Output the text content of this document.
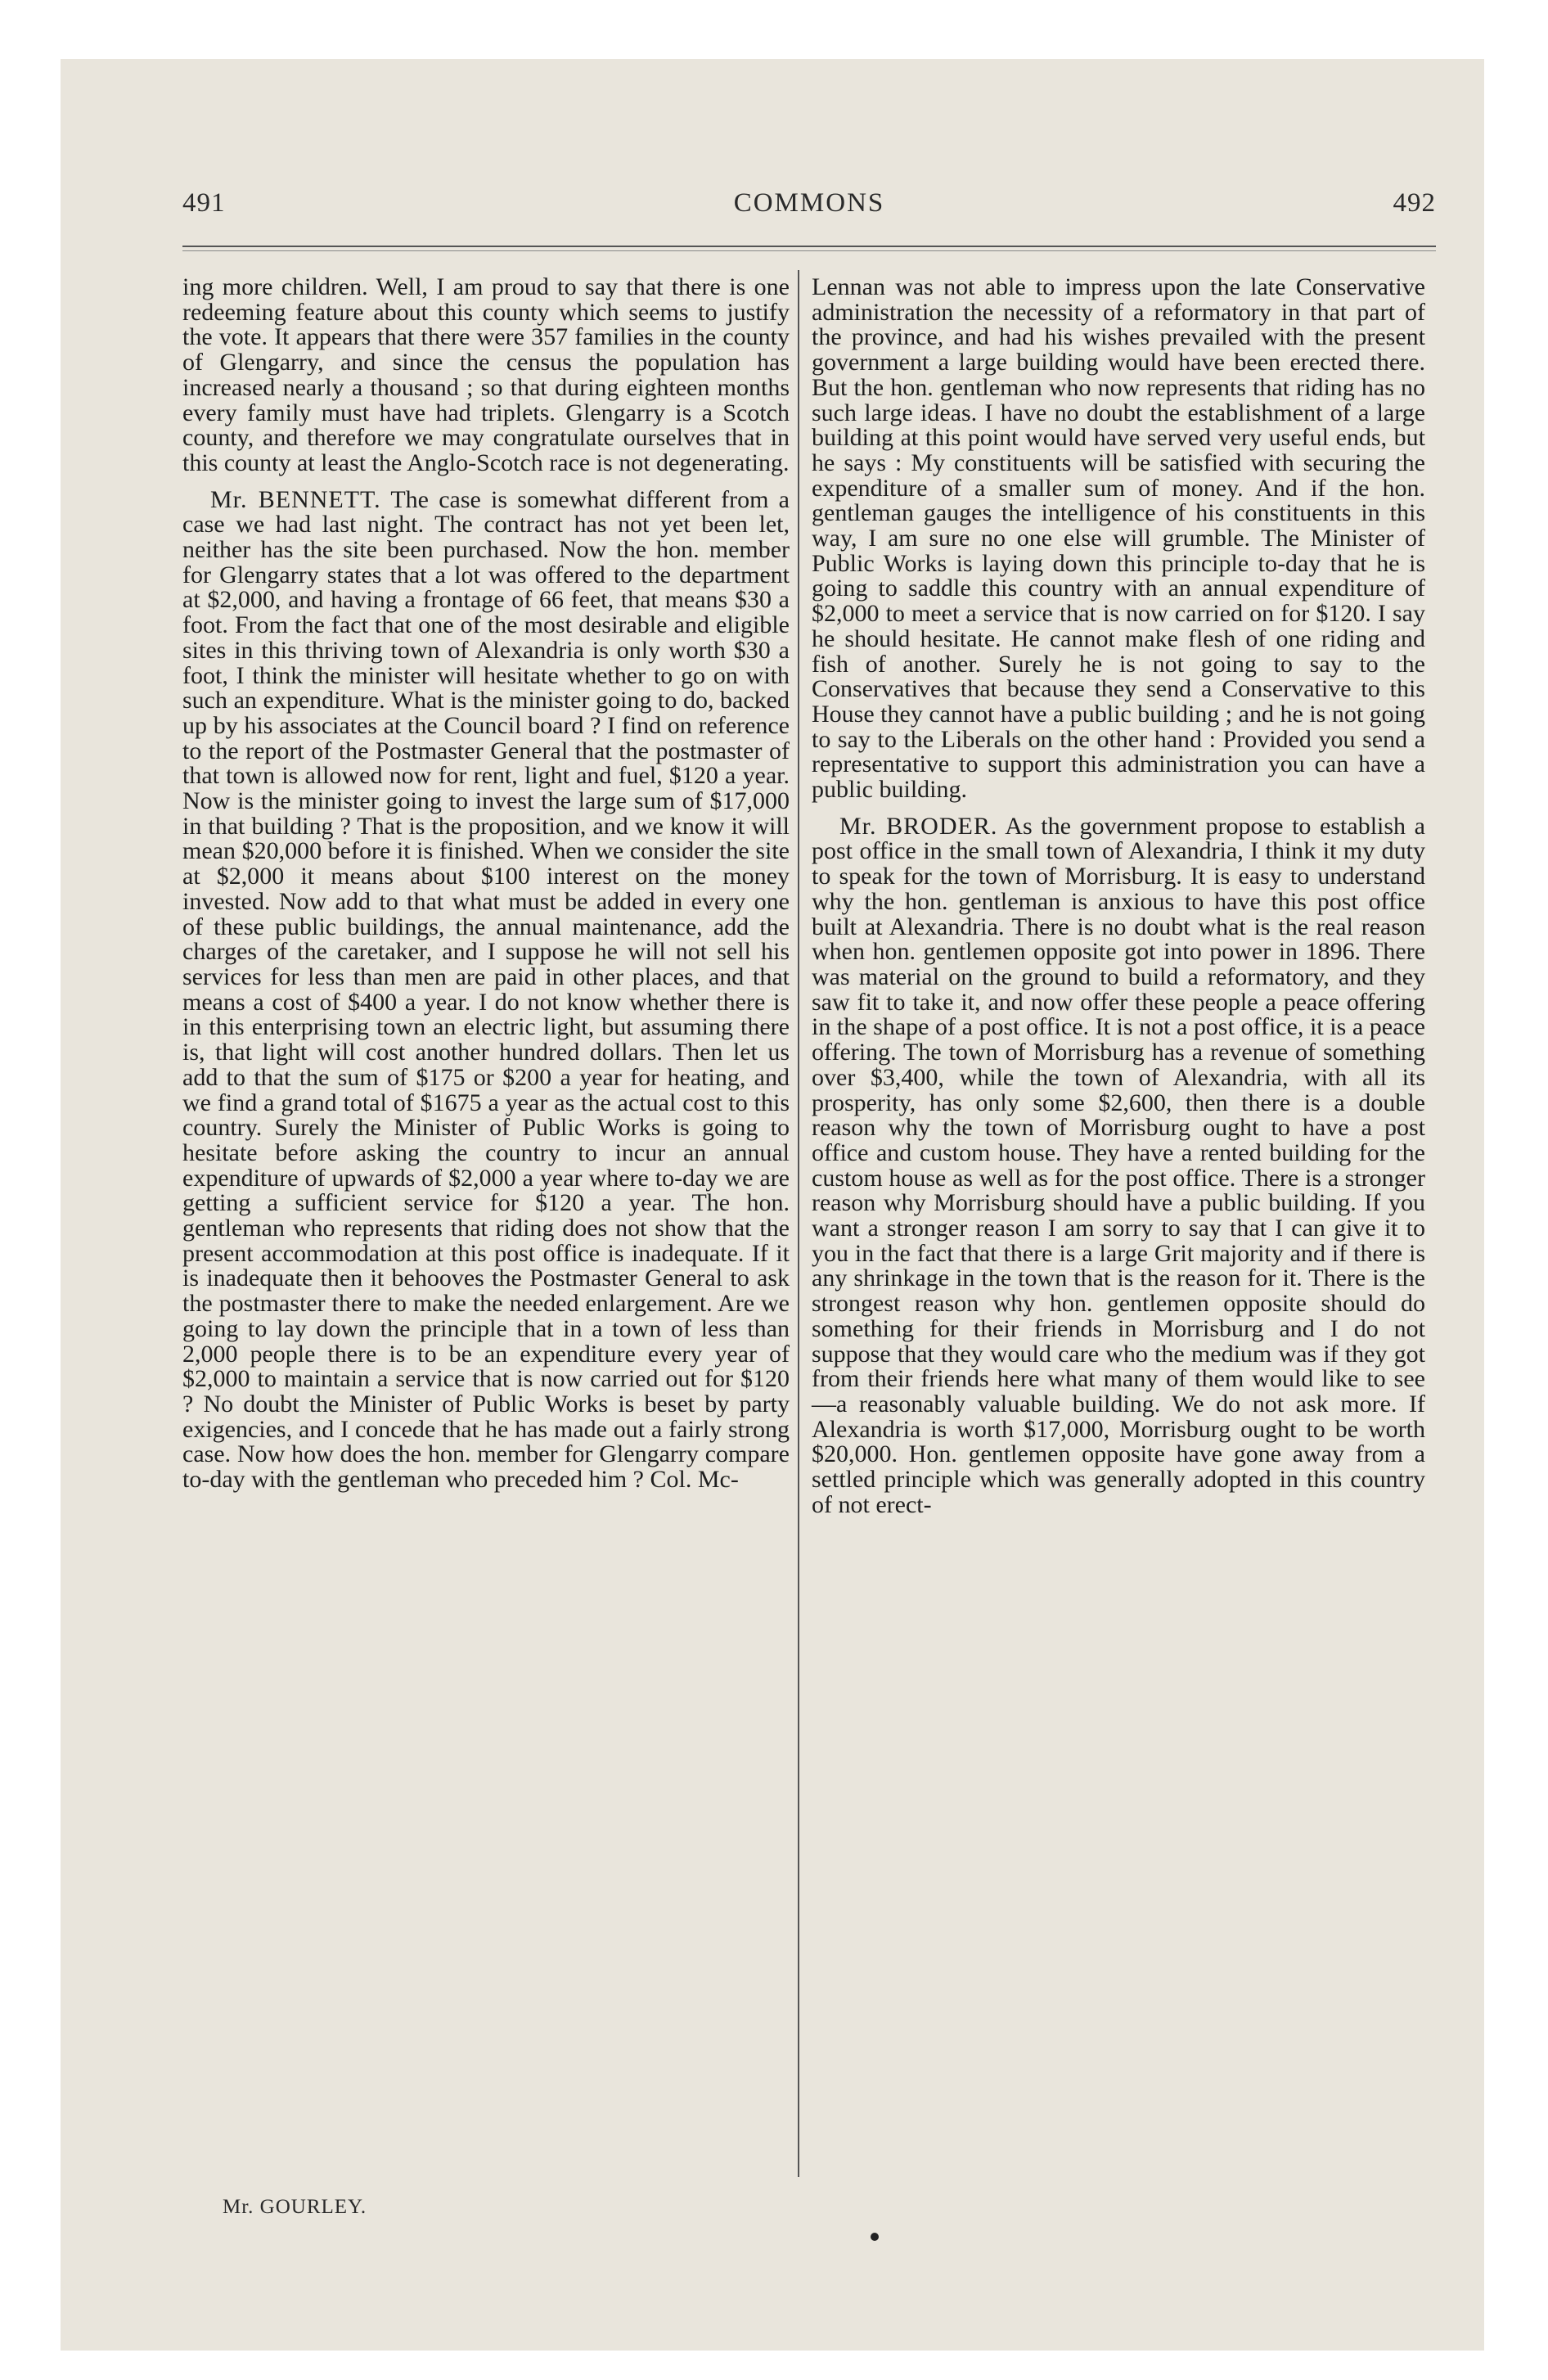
491	COMMONS	492

ing more children. Well, I am proud to say that there is one redeeming feature about this county which seems to justify the vote. It appears that there were 357 families in the county of Glengarry, and since the census the population has increased nearly a thousand ; so that during eighteen months every family must have had triplets. Glengarry is a Scotch county, and therefore we may congratulate ourselves that in this county at least the Anglo-Scotch race is not degenerating.

Mr. BENNETT. The case is somewhat different from a case we had last night. The contract has not yet been let, neither has the site been purchased. Now the hon. member for Glengarry states that a lot was offered to the department at $2,000, and having a frontage of 66 feet, that means $30 a foot. From the fact that one of the most desirable and eligible sites in this thriving town of Alexandria is only worth $30 a foot, I think the minister will hesitate whether to go on with such an expenditure. What is the minister going to do, backed up by his associates at the Council board ? I find on reference to the report of the Postmaster General that the postmaster of that town is allowed now for rent, light and fuel, $120 a year. Now is the minister going to invest the large sum of $17,000 in that building ? That is the proposition, and we know it will mean $20,000 before it is finished. When we consider the site at $2,000 it means about $100 interest on the money invested. Now add to that what must be added in every one of these public buildings, the annual maintenance, add the charges of the caretaker, and I suppose he will not sell his services for less than men are paid in other places, and that means a cost of $400 a year. I do not know whether there is in this enterprising town an electric light, but assuming there is, that light will cost another hundred dollars. Then let us add to that the sum of $175 or $200 a year for heating, and we find a grand total of $1675 a year as the actual cost to this country. Surely the Minister of Public Works is going to hesitate before asking the country to incur an annual expenditure of upwards of $2,000 a year where to-day we are getting a sufficient service for $120 a year. The hon. gentleman who represents that riding does not show that the present accommodation at this post office is inadequate. If it is inadequate then it behooves the Postmaster General to ask the postmaster there to make the needed enlargement. Are we going to lay down the principle that in a town of less than 2,000 people there is to be an expenditure every year of $2,000 to maintain a service that is now carried out for $120 ? No doubt the Minister of Public Works is beset by party exigencies, and I concede that he has made out a fairly strong case. Now how does the hon. member for Glengarry compare to-day with the gentleman who preceded him ? Col. Mc-

Lennan was not able to impress upon the late Conservative administration the necessity of a reformatory in that part of the province, and had his wishes prevailed with the present government a large building would have been erected there. But the hon. gentleman who now represents that riding has no such large ideas. I have no doubt the establishment of a large building at this point would have served very useful ends, but he says : My constituents will be satisfied with securing the expenditure of a smaller sum of money. And if the hon. gentleman gauges the intelligence of his constituents in this way, I am sure no one else will grumble. The Minister of Public Works is laying down this principle to-day that he is going to saddle this country with an annual expenditure of $2,000 to meet a service that is now carried on for $120. I say he should hesitate. He cannot make flesh of one riding and fish of another. Surely he is not going to say to the Conservatives that because they send a Conservative to this House they cannot have a public building ; and he is not going to say to the Liberals on the other hand : Provided you send a representative to support this administration you can have a public building.

Mr. BRODER. As the government propose to establish a post office in the small town of Alexandria, I think it my duty to speak for the town of Morrisburg. It is easy to understand why the hon. gentleman is anxious to have this post office built at Alexandria. There is no doubt what is the real reason when hon. gentlemen opposite got into power in 1896. There was material on the ground to build a reformatory, and they saw fit to take it, and now offer these people a peace offering in the shape of a post office. It is not a post office, it is a peace offering. The town of Morrisburg has a revenue of something over $3,400, while the town of Alexandria, with all its prosperity, has only some $2,600, then there is a double reason why the town of Morrisburg ought to have a post office and custom house. They have a rented building for the custom house as well as for the post office. There is a stronger reason why Morrisburg should have a public building. If you want a stronger reason I am sorry to say that I can give it to you in the fact that there is a large Grit majority and if there is any shrinkage in the town that is the reason for it. There is the strongest reason why hon. gentlemen opposite should do something for their friends in Morrisburg and I do not suppose that they would care who the medium was if they got from their friends here what many of them would like to see—a reasonably valuable building. We do not ask more. If Alexandria is worth $17,000, Morrisburg ought to be worth $20,000. Hon. gentlemen opposite have gone away from a settled principle which was generally adopted in this country of not erect-

Mr. GOURLEY.
